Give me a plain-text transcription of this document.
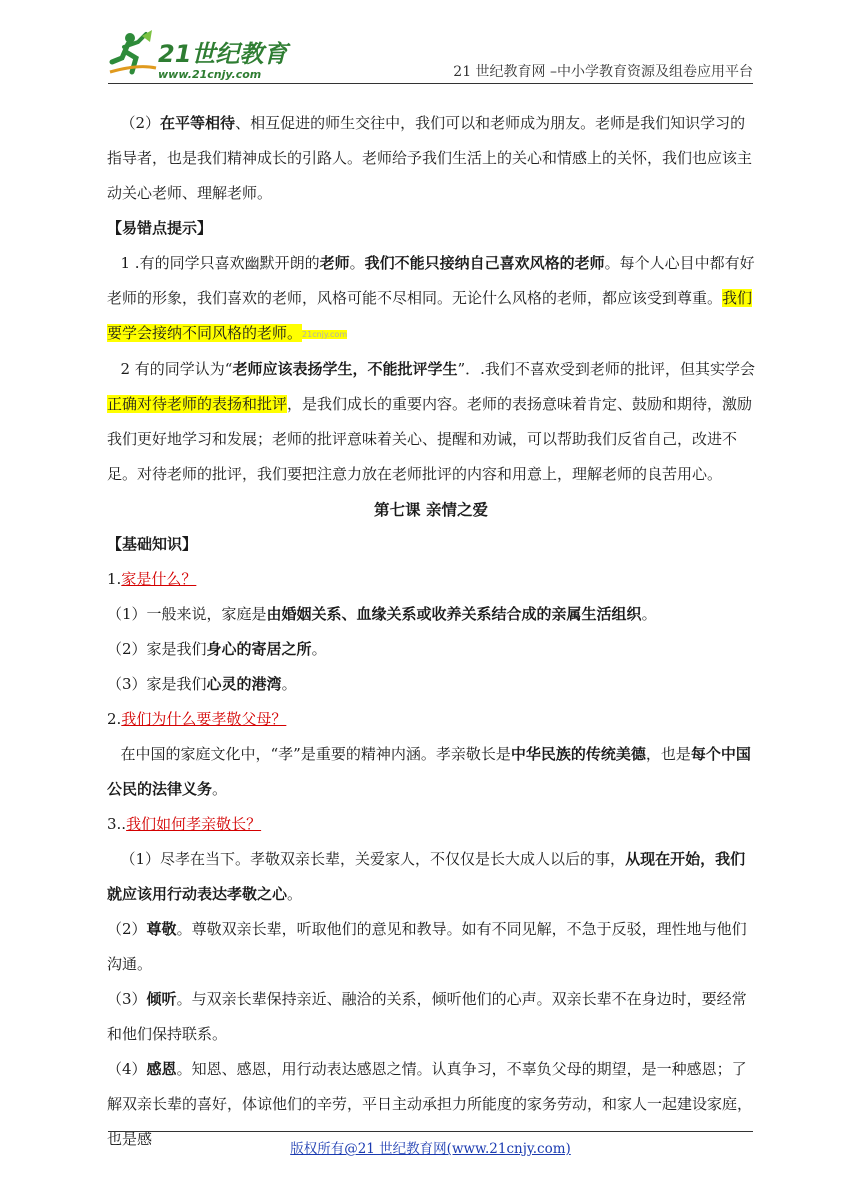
21世纪教育
www.21cnjy.com	21 世纪教育网 –中小学教育资源及组卷应用平台

（2）在平等相待、相互促进的师生交往中，我们可以和老师成为朋友。老师是我们知识学习的指导者，也是我们精神成长的引路人。老师给予我们生活上的关心和情感上的关怀，我们也应该主动关心老师、理解老师。

【易错点提示】

1 .有的同学只喜欢幽默开朗的老师。我们不能只接纳自己喜欢风格的老师。每个人心目中都有好老师的形象，我们喜欢的老师，风格可能不尽相同。无论什么风格的老师，都应该受到尊重。我们要学会接纳不同风格的老师。21cnjy.com

2 有的同学认为“老师应该表扬学生，不能批评学生”．.我们不喜欢受到老师的批评，但其实学会正确对待老师的表扬和批评，是我们成长的重要内容。老师的表扬意味着肯定、鼓励和期待，激励我们更好地学习和发展；老师的批评意味着关心、提醒和劝诫，可以帮助我们反省自己，改进不足。对待老师的批评，我们要把注意力放在老师批评的内容和用意上，理解老师的良苦用心。

第七课 亲情之爱

【基础知识】

1.家是什么？

（1）一般来说，家庭是由婚姻关系、血缘关系或收养关系结合成的亲属生活组织。

（2）家是我们身心的寄居之所。

（3）家是我们心灵的港湾。

2.我们为什么要孝敬父母？

在中国的家庭文化中，“孝”是重要的精神内涵。孝亲敬长是中华民族的传统美德，也是每个中国公民的法律义务。

3..我们如何孝亲敬长？

（1）尽孝在当下。孝敬双亲长辈，关爱家人，不仅仅是长大成人以后的事，从现在开始，我们就应该用行动表达孝敬之心。

（2）尊敬。尊敬双亲长辈，听取他们的意见和教导。如有不同见解，不急于反驳，理性地与他们沟通。

（3）倾听。与双亲长辈保持亲近、融洽的关系，倾听他们的心声。双亲长辈不在身边时，要经常和他们保持联系。

（4）感恩。知恩、感恩，用行动表达感恩之情。认真争习，不辜负父母的期望，是一种感恩；了解双亲长辈的喜好，体谅他们的辛劳，平日主动承担力所能度的家务劳动，和家人一起建设家庭，也是感

版权所有@21 世纪教育网(www.21cnjy.com)
